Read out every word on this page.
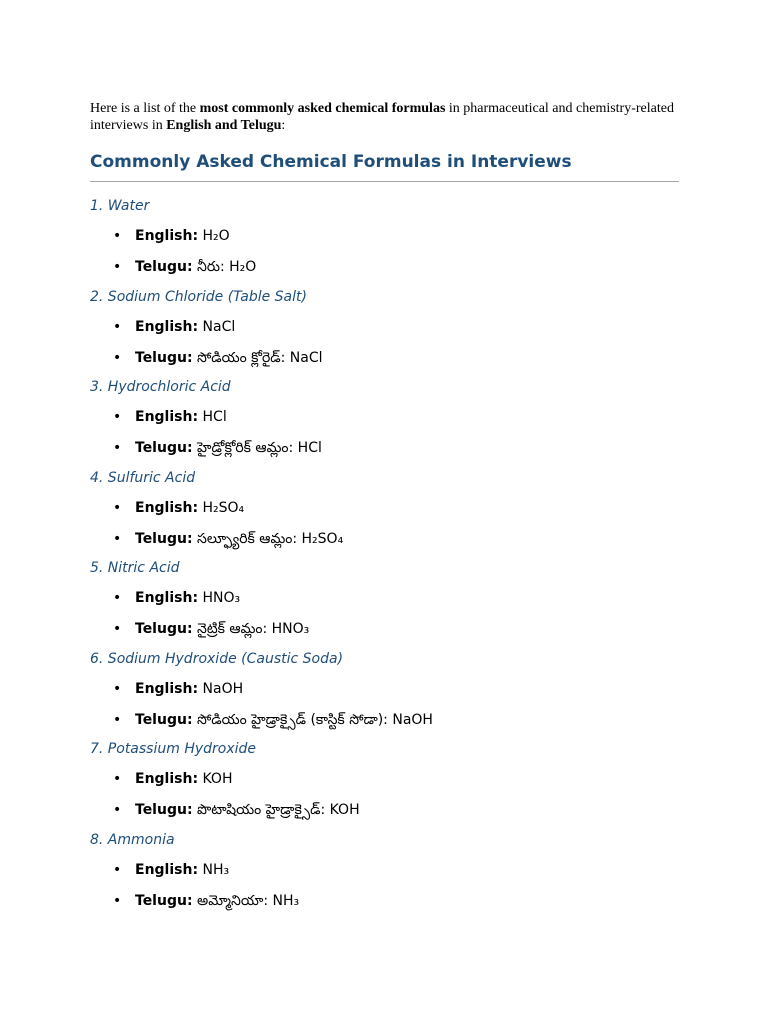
Here is a list of the most commonly asked chemical formulas in pharmaceutical and chemistry-related interviews in English and Telugu:

Commonly Asked Chemical Formulas in Interviews
1. Water
• English: H₂O
• Telugu: నీరు: H₂O
2. Sodium Chloride (Table Salt)
• English: NaCl
• Telugu: సోడియం క్లోరైడ్: NaCl
3. Hydrochloric Acid
• English: HCl
• Telugu: హైడ్రోక్లోరిక్ ఆమ్లం: HCl
4. Sulfuric Acid
• English: H₂SO₄
• Telugu: సల్ఫ్యూరిక్ ఆమ్లం: H₂SO₄
5. Nitric Acid
• English: HNO₃
• Telugu: నైట్రిక్ ఆమ్లం: HNO₃
6. Sodium Hydroxide (Caustic Soda)
• English: NaOH
• Telugu: సోడియం హైడ్రాక్సైడ్ (కాస్టిక్ సోడా): NaOH
7. Potassium Hydroxide
• English: KOH
• Telugu: పొటాషియం హైడ్రాక్సైడ్: KOH
8. Ammonia
• English: NH₃
• Telugu: అమ్మోనియా: NH₃
